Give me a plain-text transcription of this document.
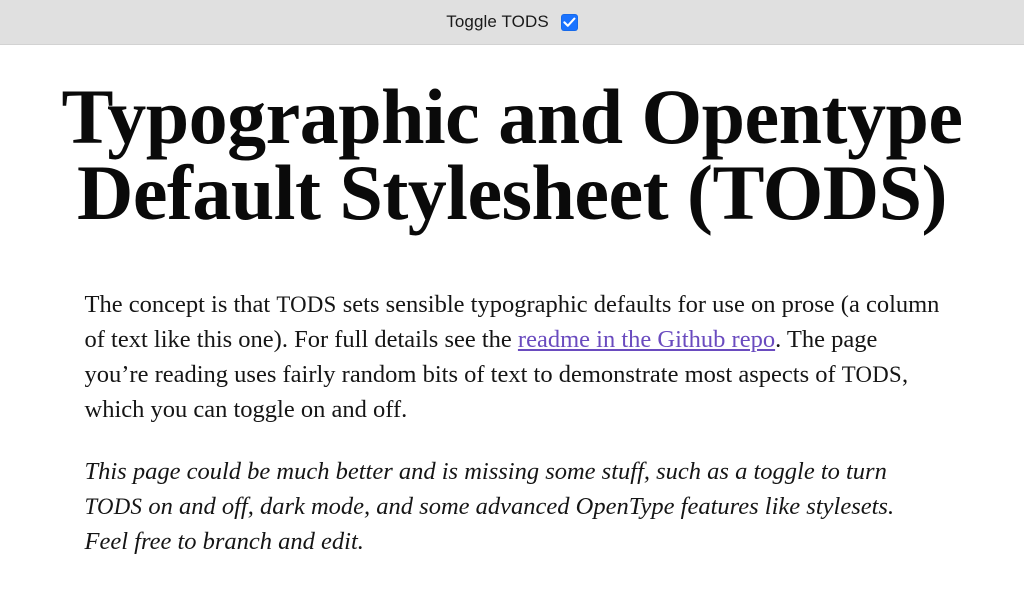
Toggle TODS
Typographic and Opentype
Default Stylesheet (TODS)

The concept is that TODS sets sensible typographic defaults for use on prose (a column of text like this one). For full details see the readme in the Github repo. The page you’re reading uses fairly random bits of text to demonstrate most aspects of TODS, which you can toggle on and off.

This page could be much better and is missing some stuff, such as a toggle to turn TODS on and off, dark mode, and some advanced OpenType features like stylesets. Feel free to branch and edit.
